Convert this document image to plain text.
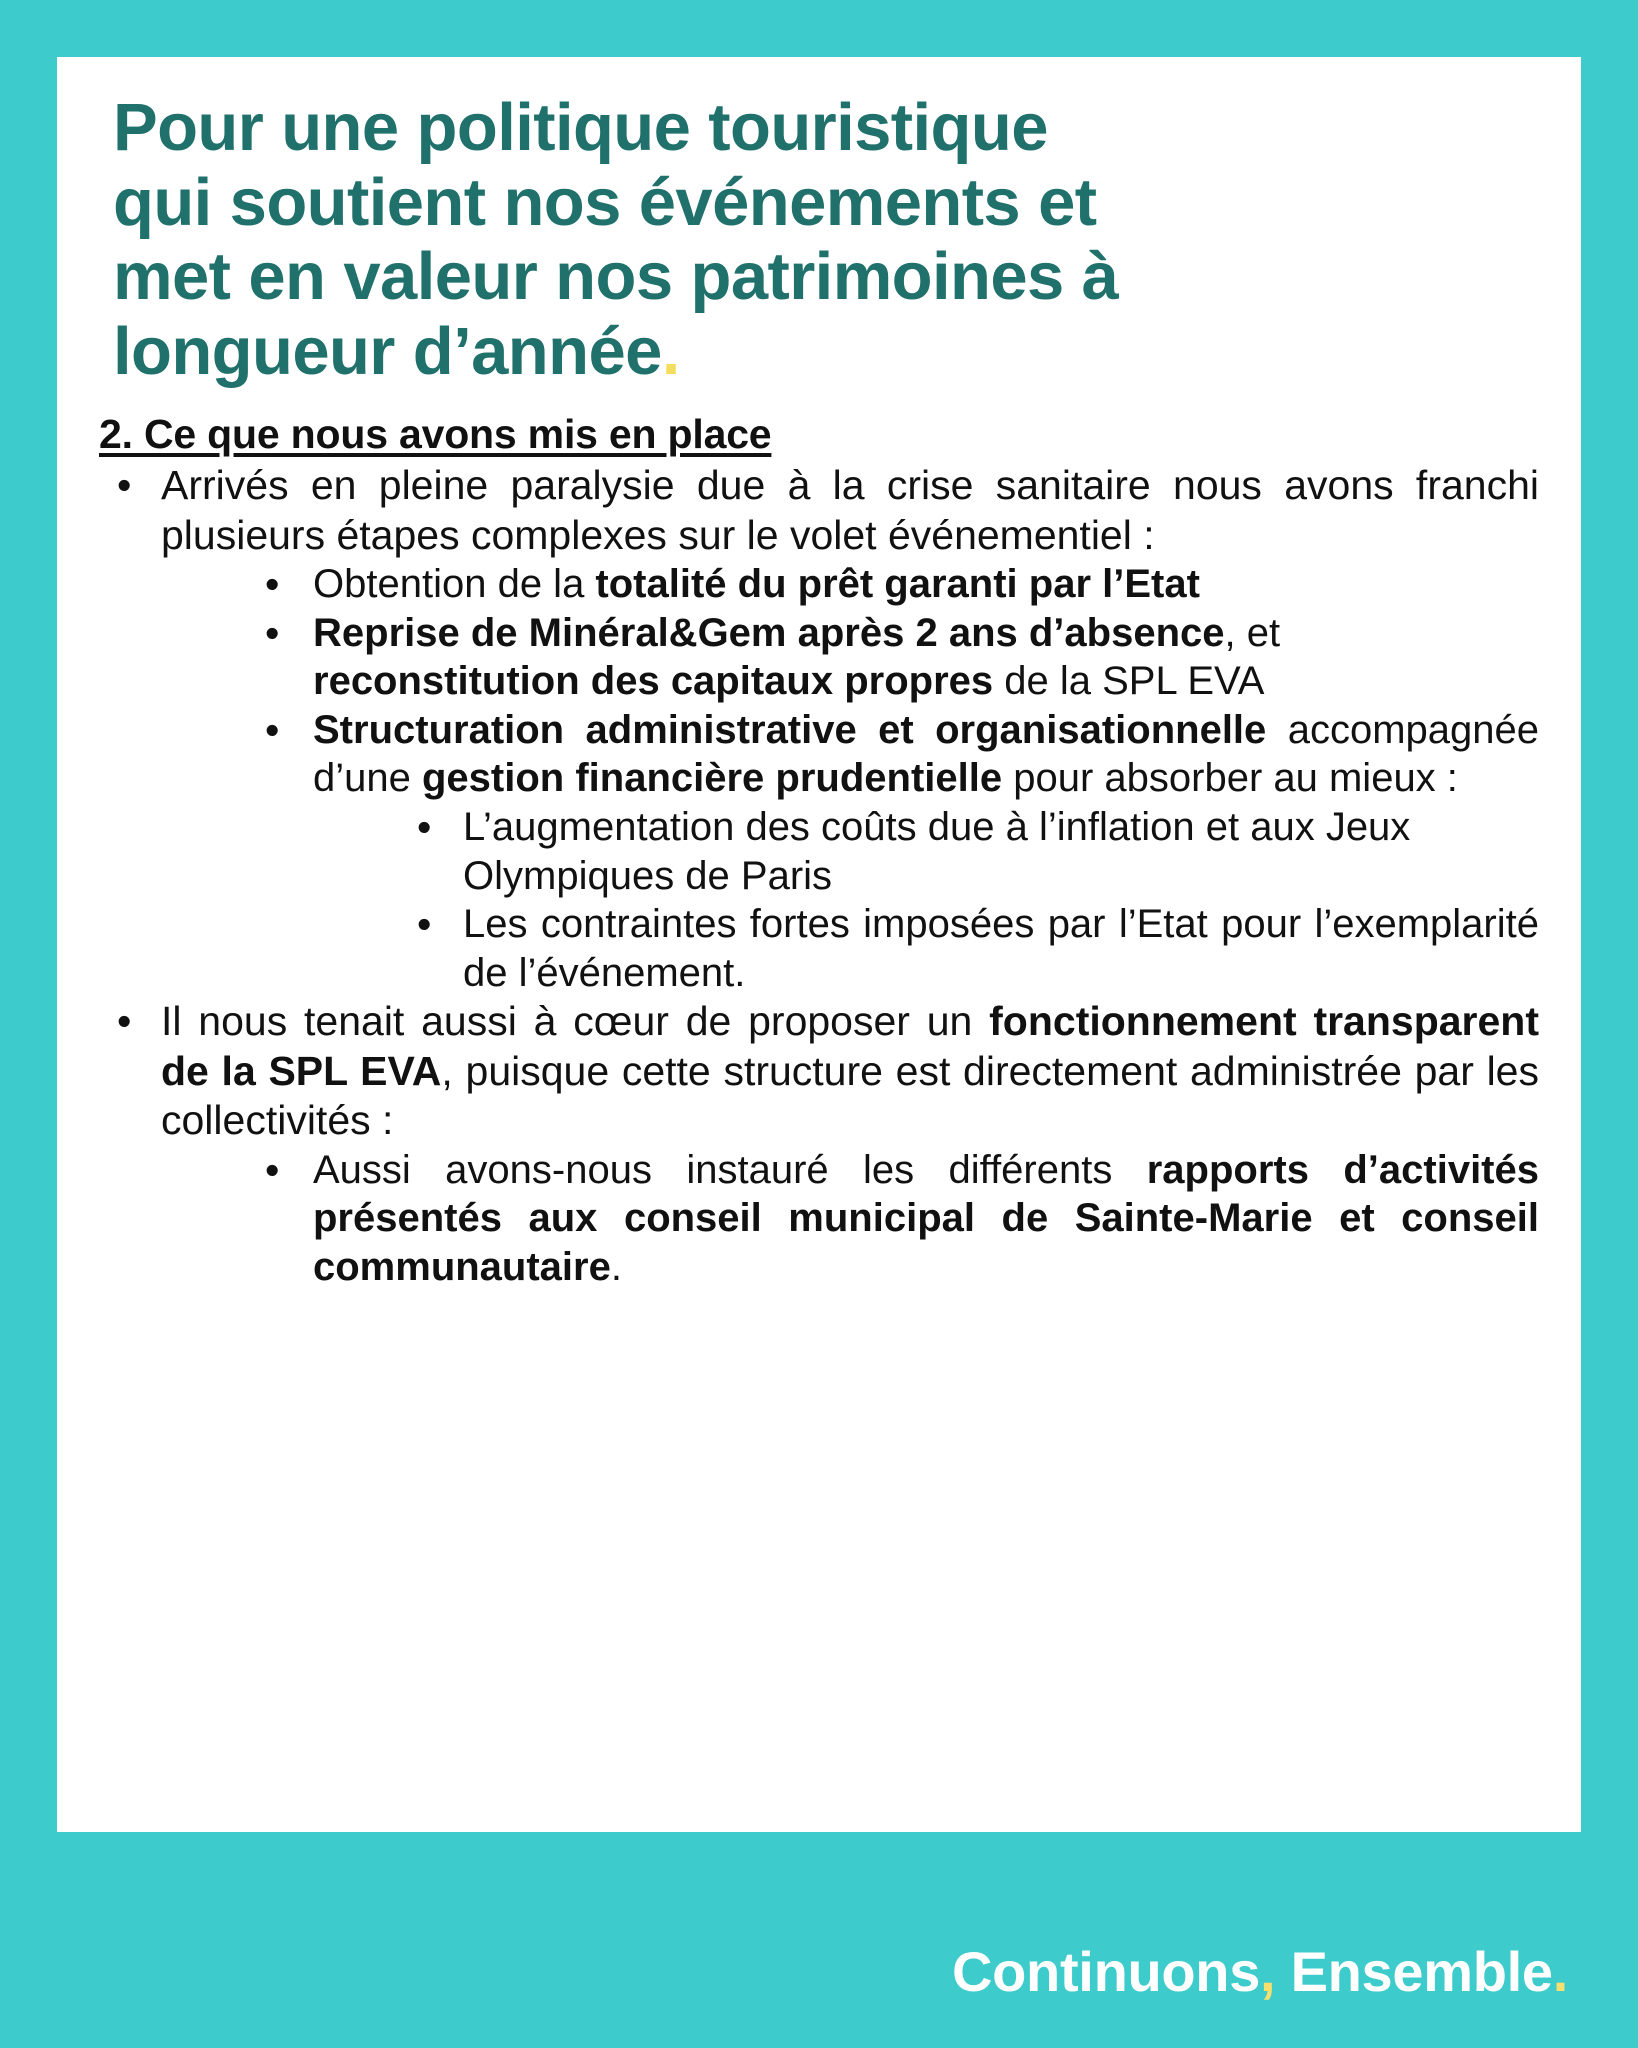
Pour une politique touristique
qui soutient nos événements et
met en valeur nos patrimoines à
longueur d’année.
2. Ce que nous avons mis en place
• Arrivés en pleine paralysie due à la crise sanitaire nous avons franchi plusieurs étapes complexes sur le volet événementiel :
• Obtention de la totalité du prêt garanti par l’Etat
• Reprise de Minéral&Gem après 2 ans d’absence, et reconstitution des capitaux propres de la SPL EVA
• Structuration administrative et organisationnelle accompagnée d’une gestion financière prudentielle pour absorber au mieux :
• L’augmentation des coûts due à l’inflation et aux Jeux Olympiques de Paris
• Les contraintes fortes imposées par l’Etat pour l’exemplarité de l’événement.
• Il nous tenait aussi à cœur de proposer un fonctionnement transparent de la SPL EVA, puisque cette structure est directement administrée par les collectivités :
• Aussi avons-nous instauré les différents rapports d’activités présentés aux conseil municipal de Sainte-Marie et conseil communautaire.
Continuons, Ensemble.
